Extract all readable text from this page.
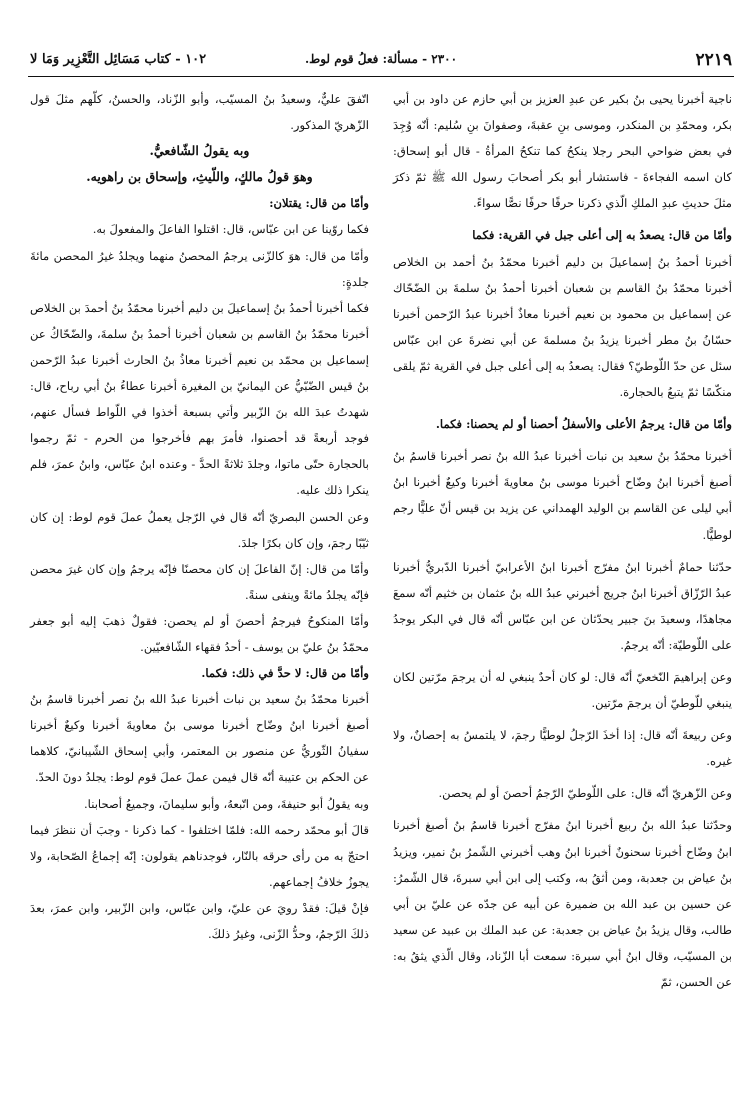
٢٢١٩
٢٣٠٠ - مسألة: فعلُ قوم لوط.
١٠٢ - كتاب مَسَائِل التَّعْزِير وَمَا لا

ناجية أخبرنا يحيى بنُ بكير عن عبدِ العزيز بن أبي حازم عن داود بن أبي بكر، ومحمّدِ بن المنكدر، وموسى بنِ عقبةَ، وصفوانَ بنِ سُليم: أنّه وُجِدَ في بعض ضواحي البحر رجلا ينكحُ كما تنكحُ المرأةُ - قال أبو إسحاق: كان اسمه الفجاءةَ - فاستشار أبو بكر أصحابَ رسول الله ﷺ ثمّ ذكرَ مثلَ حديثِ عبدِ الملكِ الّذي ذكرنا حرفًا حرفًا نصًّا سواءً.

وأمّا من قال: يصعدُ به إلى أعلى جبل في القرية: فكما

أخبرنا أحمدُ بنُ إسماعيلَ بن دليم أخبرنا محمّدُ بنُ أحمد بن الخلاص أخبرنا محمّدُ بنُ القاسم بن شعبان أخبرنا أحمدُ بنُ سلمةَ بن الضّحّاك عن إسماعيل بن محمود بن نعيم أخبرنا معاذٌ أخبرنا عبدُ الرّحمن أخبرنا حسّانُ بنُ مطر أخبرنا يزيدُ بنُ مسلمةَ عن أبي نضرةَ عن ابن عبّاس سئل عن حدّ اللّوطيّ؟ فقال: يصعدُ به إلى أعلى جبل في القرية ثمّ يلقى منكّسًا ثمّ يتبعُ بالحجارة.

وأمّا من قال: يرجمُ الأعلى والأسفلُ أحصنا أو لم يحصنا: فكما.

أخبرنا محمّدُ بنُ سعيد بن نبات أخبرنا عبدُ الله بنُ نصر أخبرنا قاسمُ بنُ أصبغ أخبرنا ابنُ وضّاح أخبرنا موسى بنُ معاويةَ أخبرنا وكيعٌ أخبرنا ابنُ أبي ليلى عن القاسم بن الوليد الهمداني عن يزيد بن قيس أنّ عليًّا رجم لوطيًّا.

حدّثنا حمامٌ أخبرنا ابنُ مفرّج أخبرنا ابنُ الأعرابيّ أخبرنا الدّبريُّ أخبرنا عبدُ الرّزّاق أخبرنا ابنُ جريج أخبرني عبدُ الله بنُ عثمان بن خثيم أنّه سمعَ مجاهدًا، وسعيدَ بنَ جبير يحدّثان عن ابن عبّاس أنّه قال في البكر يوجدُ على اللّوطيّة: أنّه يرجمُ.

وعن إبراهيمَ النّخعيّ أنّه قال: لو كان أحدٌ ينبغي له أن يرجمَ مرّتين لكان ينبغي للّوطيّ أن يرجمَ مرّتين.

وعن ربيعةَ أنّه قال: إذا أخذَ الرّجلُ لوطيًّا رجمَ، لا يلتمسُ به إحصانٌ، ولا غيره.

وعن الزّهريّ أنّه قال: على اللّوطيّ الرّجمُ أحصنَ أو لم يحصن.

وحدّثنا عبدُ الله بنُ ربيع أخبرنا ابنُ مفرّج أخبرنا قاسمُ بنُ أصبغ أخبرنا ابنُ وضّاح أخبرنا سحنونٌ أخبرنا ابنُ وهب أخبرني الشّمرُ بنُ نمير، ويزيدُ بنُ عياض بن جعدبة، ومن أثقُ به، وكتب إلى ابن أبي سبرةَ، قال الشّمرُ: عن حسين بن عبد الله بن ضميرة عن أبيه عن جدّه عن عليّ بن أبي طالب، وقال يزيدُ بنُ عياض بن جعدبة: عن عبد الملك بن عبيد عن سعيد بن المسيّب، وقال ابنُ أبي سبرة: سمعت أبا الزّناد، وقال الّذي يثقُ به: عن الحسن، ثمّ

اتّفقَ عليٌّ، وسعيدُ بنُ المسيّب، وأبو الزّناد، والحسنُ، كلّهم مثلَ قول الزّهريّ المذكور.

وبه يقولُ الشّافعيُّ.

وهوَ قولُ مالكٍ، واللّيثِ، وإسحاق بن راهويه.

وأمّا من قال: يقتلان:

فكما روّينا عن ابن عبّاس، قال: اقتلوا الفاعلَ والمفعولَ به.

وأمّا من قال: هوَ كالزّنى يرجمُ المحصنُ منهما ويجلدُ غيرُ المحصن مائةَ جلدةٍ:

فكما أخبرنا أحمدُ بنُ إسماعيلَ بن دليم أخبرنا محمّدُ بنُ أحمدَ بن الخلاص أخبرنا محمّدُ بنُ القاسم بن شعبان أخبرنا أحمدُ بنُ سلمةَ، والضّحّاكُ عن إسماعيل بن محمّد بن نعيم أخبرنا معاذُ بنُ الحارث أخبرنا عبدُ الرّحمن بنُ قيس الضّبّيُّ عن اليمانيّ بن المغيرة أخبرنا عطاءُ بنُ أبي رباح، قال: شهدتُ عبدَ الله بنَ الزّبير وأتي بسبعة أخذوا في اللّواط فسأل عنهم، فوجد أربعةً قد أحصنوا، فأمرَ بهم فأخرجوا من الحرم - ثمّ رجموا بالحجارة حتّى ماتوا، وجلدَ ثلاثةً الحدَّ - وعنده ابنُ عبّاس، وابنُ عمرَ، فلم ينكرا ذلك عليه.

وعن الحسن البصريّ أنّه قال في الرّجل يعملُ عملَ قوم لوط: إن كان ثيّبًا رجمَ، وإن كان بكرًا جلدَ.

وأمّا من قال: إنّ الفاعلَ إن كان محصنًا فإنّه يرجمُ وإن كان غيرَ محصن فإنّه يجلدُ مائةً وينفى سنةً.

وأمّا المنكوحُ فيرجمُ أحصنَ أو لم يحصن: فقولٌ ذهبَ إليه أبو جعفر محمّدُ بنُ عليّ بن يوسف - أحدُ فقهاء الشّافعيّين.

وأمّا من قال: لا حدَّ في ذلك: فكما.

أخبرنا محمّدُ بنُ سعيد بن نبات أخبرنا عبدُ الله بنُ نصر أخبرنا قاسمُ بنُ أصبغ أخبرنا ابنُ وضّاح أخبرنا موسى بنُ معاويةَ أخبرنا وكيعٌ أخبرنا سفيانُ الثّوريُّ عن منصور بن المعتمر، وأبي إسحاق الشّيبانيّ، كلاهما عن الحكم بن عتيبة أنّه قال فيمن عملَ عملَ قوم لوط: يجلدُ دونَ الحدّ.

وبه يقولُ أبو حنيفةَ، ومن اتّبعهُ، وأبو سليمانَ، وجميعُ أصحابنا.

قالَ أبو محمّد رحمه الله: فلمّا اختلفوا - كما ذكرنا - وجبَ أن ننظرَ فيما احتجّ به من رأى حرقه بالنّار، فوجدناهم يقولون: إنّه إجماعُ الصّحابة، ولا يجوزُ خلافُ إجماعهم.

فإنْ قيلَ: فقدْ رويَ عن عليّ، وابن عبّاس، وابن الزّبير، وابن عمرَ، بعدَ ذلكَ الرّجمُ، وحدُّ الزّنى، وغيرُ ذلكَ.
